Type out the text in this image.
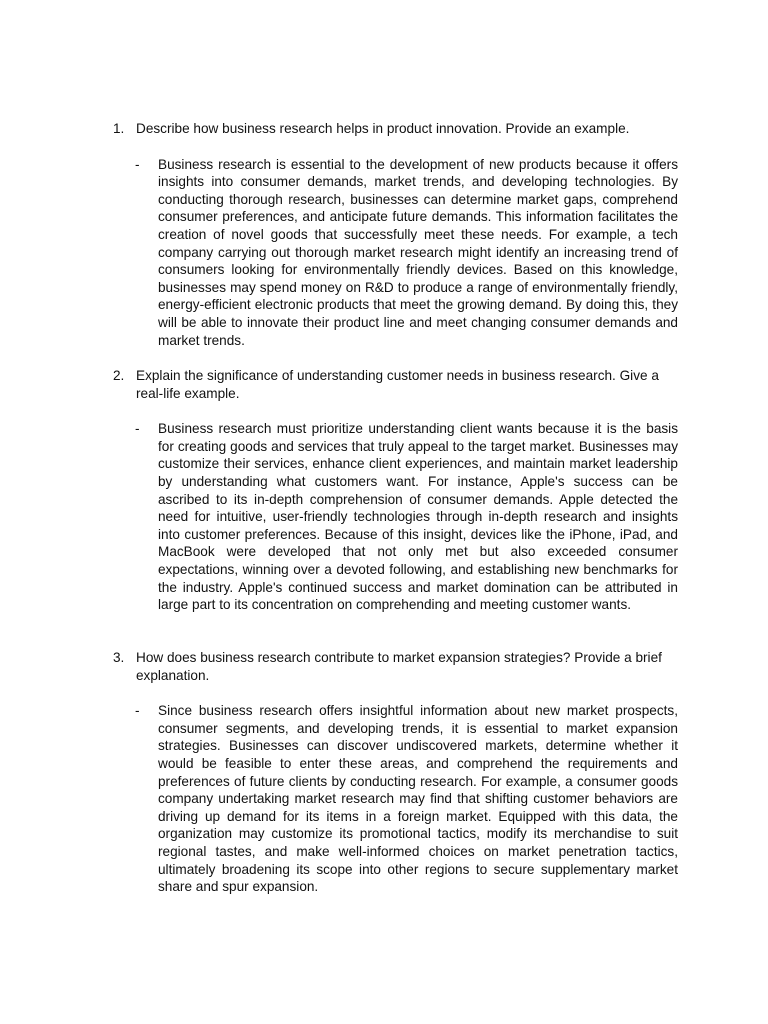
1. Describe how business research helps in product innovation. Provide an example.
- Business research is essential to the development of new products because it offers insights into consumer demands, market trends, and developing technologies. By conducting thorough research, businesses can determine market gaps, comprehend consumer preferences, and anticipate future demands. This information facilitates the creation of novel goods that successfully meet these needs. For example, a tech company carrying out thorough market research might identify an increasing trend of consumers looking for environmentally friendly devices. Based on this knowledge, businesses may spend money on R&D to produce a range of environmentally friendly, energy-efficient electronic products that meet the growing demand. By doing this, they will be able to innovate their product line and meet changing consumer demands and market trends.
2. Explain the significance of understanding customer needs in business research. Give a real-life example.
- Business research must prioritize understanding client wants because it is the basis for creating goods and services that truly appeal to the target market. Businesses may customize their services, enhance client experiences, and maintain market leadership by understanding what customers want. For instance, Apple's success can be ascribed to its in-depth comprehension of consumer demands. Apple detected the need for intuitive, user-friendly technologies through in-depth research and insights into customer preferences. Because of this insight, devices like the iPhone, iPad, and MacBook were developed that not only met but also exceeded consumer expectations, winning over a devoted following, and establishing new benchmarks for the industry. Apple's continued success and market domination can be attributed in large part to its concentration on comprehending and meeting customer wants.
3. How does business research contribute to market expansion strategies? Provide a brief explanation.
- Since business research offers insightful information about new market prospects, consumer segments, and developing trends, it is essential to market expansion strategies. Businesses can discover undiscovered markets, determine whether it would be feasible to enter these areas, and comprehend the requirements and preferences of future clients by conducting research. For example, a consumer goods company undertaking market research may find that shifting customer behaviors are driving up demand for its items in a foreign market. Equipped with this data, the organization may customize its promotional tactics, modify its merchandise to suit regional tastes, and make well-informed choices on market penetration tactics, ultimately broadening its scope into other regions to secure supplementary market share and spur expansion.
